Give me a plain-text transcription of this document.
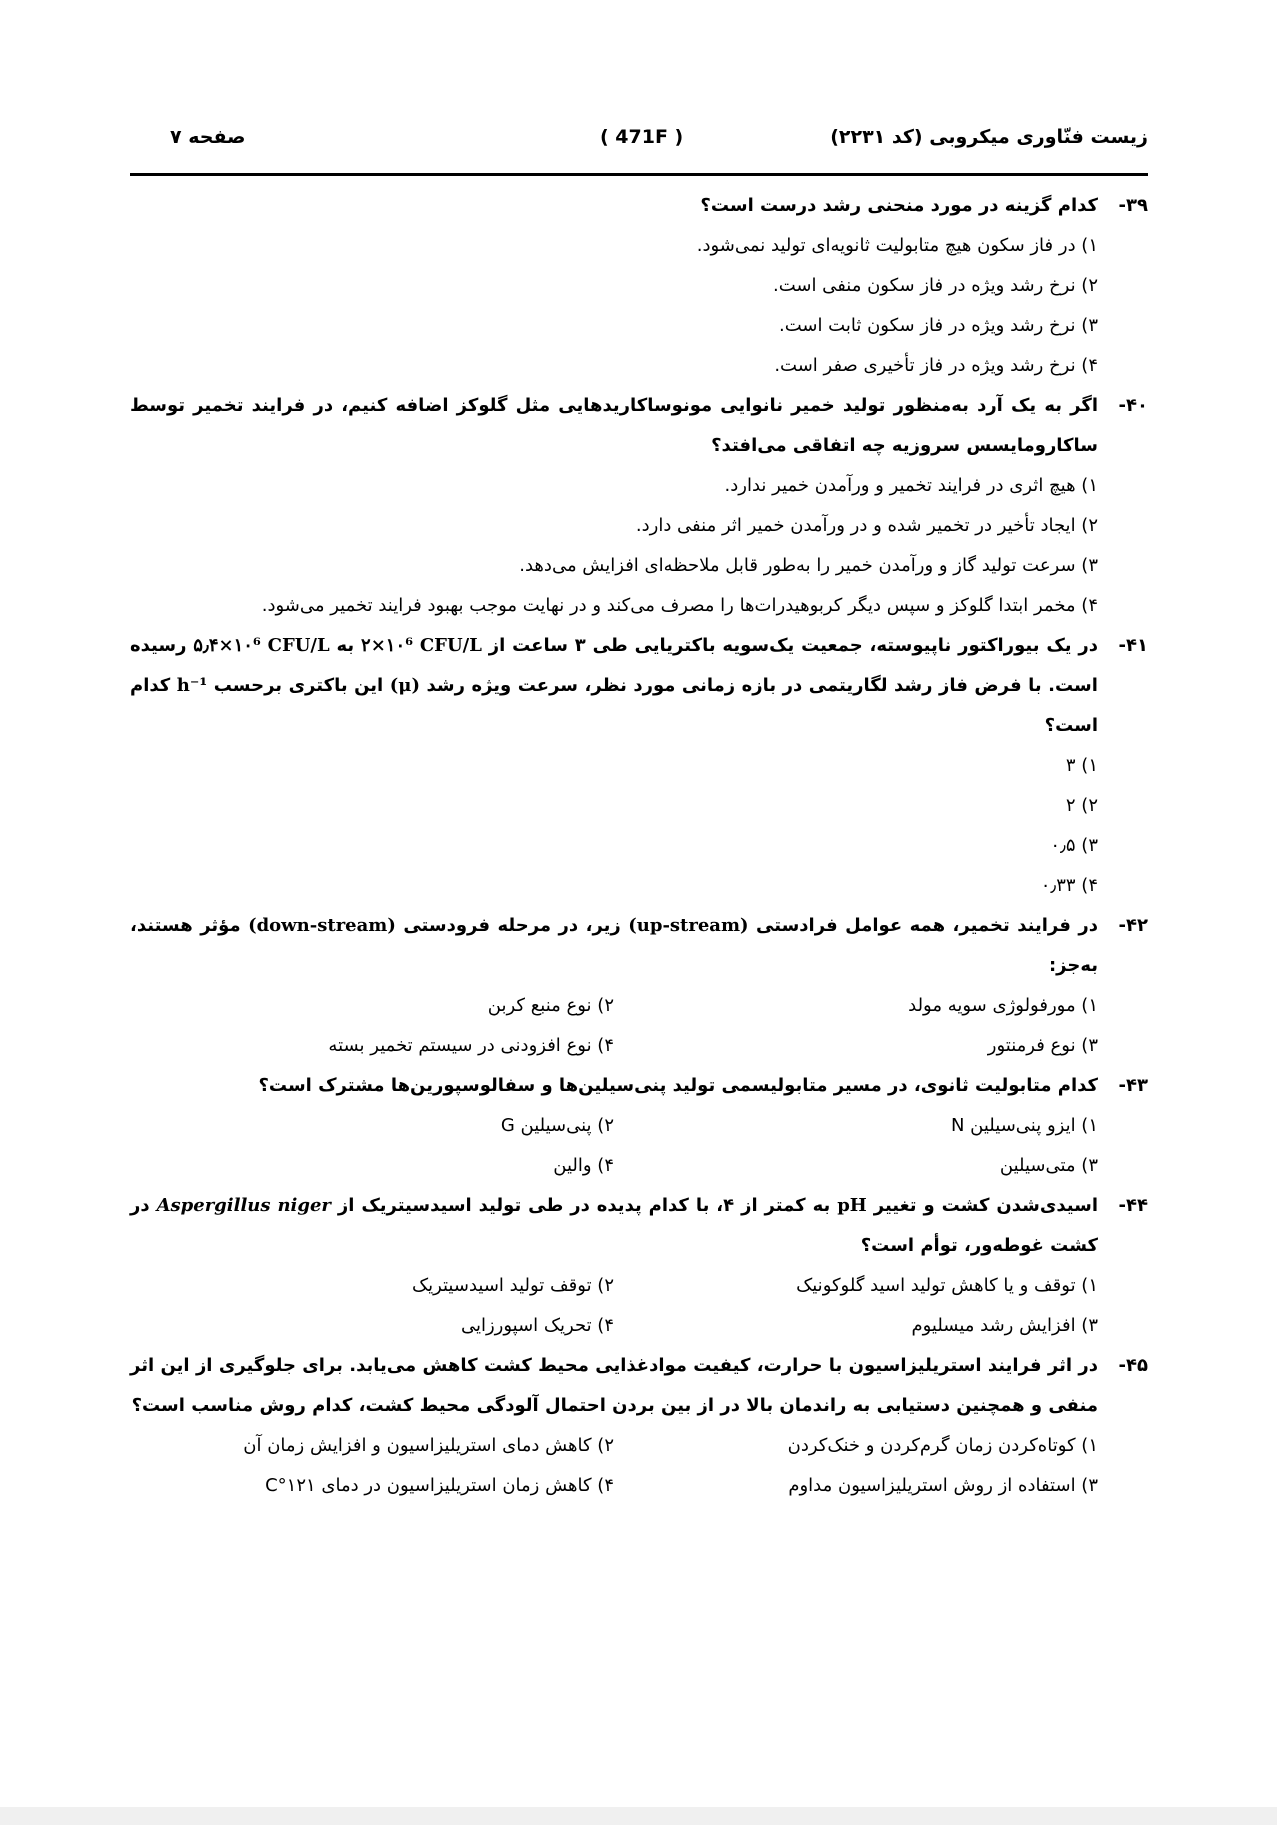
زیست فنّاوری میکروبی (کد ۲۲۳۱)
( 471F )
صفحه ۷
۳۹-
کدام گزینه در مورد منحنی رشد درست است؟
۱) در فاز سکون هیچ متابولیت ثانویه‌ای تولید نمی‌شود.
۲) نرخ رشد ویژه در فاز سکون منفی است.
۳) نرخ رشد ویژه در فاز سکون ثابت است.
۴) نرخ رشد ویژه در فاز تأخیری صفر است.
۴۰-
اگر به یک آرد به‌منظور تولید خمیر نانوایی مونوساکاریدهایی مثل گلوکز اضافه کنیم، در فرایند تخمیر توسط ساکارومایسس سروزیه چه اتفاقی می‌افتد؟
۱) هیچ اثری در فرایند تخمیر و ورآمدن خمیر ندارد.
۲) ایجاد تأخیر در تخمیر شده و در ورآمدن خمیر اثر منفی دارد.
۳) سرعت تولید گاز و ورآمدن خمیر را به‌طور قابل ملاحظه‌ای افزایش می‌دهد.
۴) مخمر ابتدا گلوکز و سپس دیگر کربوهیدرات‌ها را مصرف می‌کند و در نهایت موجب بهبود فرایند تخمیر می‌شود.
۴۱-
در یک بیوراکتور ناپیوسته، جمعیت یک‌سویه باکتریایی طی ۳ ساعت از ۲×۱۰⁶ CFU/L به ۵٫۴×۱۰⁶ CFU/L رسیده است. با فرض فاز رشد لگاریتمی در بازه زمانی مورد نظر، سرعت ویژه رشد (μ) این باکتری برحسب h⁻¹ کدام است؟
۱) ۳
۲) ۲
۳) ۰٫۵
۴) ۰٫۳۳
۴۲-
در فرایند تخمیر، همه عوامل فرادستی (up-stream) زیر، در مرحله فرودستی (down-stream) مؤثر هستند، به‌جز:
۱) مورفولوژی سویه مولد
۲) نوع منبع کربن
۳) نوع فرمنتور
۴) نوع افزودنی در سیستم تخمیر بسته
۴۳-
کدام متابولیت ثانوی، در مسیر متابولیسمی تولید پنی‌سیلین‌ها و سفالوسپورین‌ها مشترک است؟
۱) ایزو پنی‌سیلین N
۲) پنی‌سیلین G
۳) متی‌سیلین
۴) والین
۴۴-
اسیدی‌شدن کشت و تغییر pH به کمتر از ۴، با کدام پدیده در طی تولید اسیدسیتریک از Aspergillus niger در کشت غوطه‌ور، توأم است؟
۱) توقف و یا کاهش تولید اسید گلوکونیک
۲) توقف تولید اسیدسیتریک
۳) افزایش رشد میسلیوم
۴) تحریک اسپورزایی
۴۵-
در اثر فرایند استریلیزاسیون با حرارت، کیفیت موادغذایی محیط کشت کاهش می‌یابد. برای جلوگیری از این اثر منفی و همچنین دستیابی به راندمان بالا در از بین بردن احتمال آلودگی محیط کشت، کدام روش مناسب است؟
۱) کوتاه‌کردن زمان گرم‌کردن و خنک‌کردن
۲) کاهش دمای استریلیزاسیون و افزایش زمان آن
۳) استفاده از روش استریلیزاسیون مداوم
۴) کاهش زمان استریلیزاسیون در دمای ۱۲۱°C
